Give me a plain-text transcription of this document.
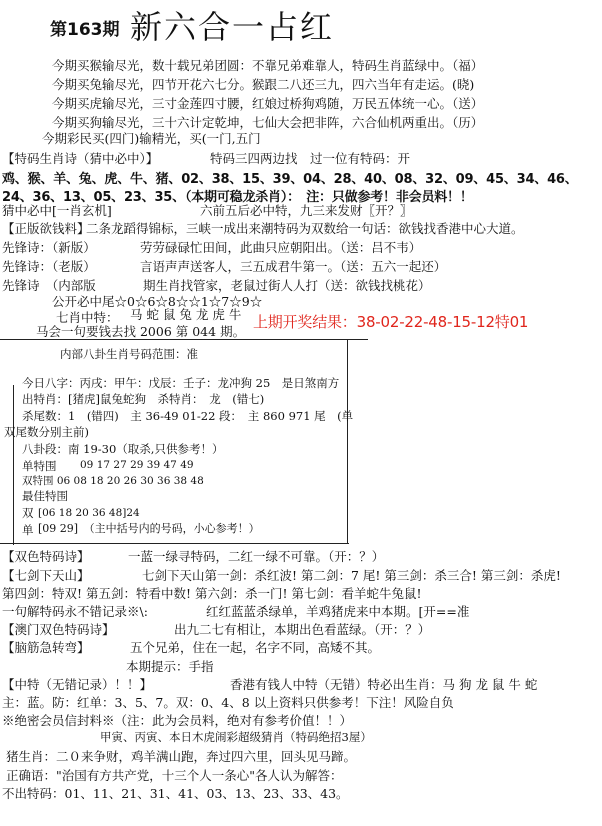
第163期 新六合一占红
今期买猴输尽光，数十载兄弟团圆：不靠兄弟难靠人，特码生肖蓝绿中。（福）
今期买兔输尽光，四节开花六七分。猴跟二八还三九，四六当年有走运。(晓)
今期买虎输尽光，三寸金莲四寸腰，红娘过桥狗鸡随，万民五体统一心。（送）
今期买狗输尽光，三十六计定乾坤，七仙大会把非阵，六合仙机两重出。（历）
今期彩民买(四门)输精光，买(一门,五门
【特码生肖诗（猜中必中）】	特码三四两边找　过一位有特码：开
鸡、猴、羊、兔、虎、牛、猪、02、38、15、39、04、28、40、08、32、09、45、34、46、
24、36、13、05、23、35、（本期可稳龙杀肖）：　注：只做参考！非会员料！！
猜中必中[一肖玄机]	六前五后必中特，九三来发财〖开？〗
【正版欲钱料】
二条龙蹈得锦标，三峡一成出来潮特码为双数给一句话：欲钱找香港中心大道。
先锋诗：（新版）	劳劳碌碌忙田间，此曲只应朝阳出。（送：吕不韦）
先锋诗：（老版）	言语声声送客人，三五成君牛第一。（送：五六一起还）
先锋诗　（内部版	期生肖找管家，老鼠过街人人打（送：欲钱找桃花）
公开必中尾☆0☆6☆8☆☆1☆7☆9☆
七肖中特： 马 蛇 鼠 兔 龙 虎 牛
马会一句要钱去找 2006 第 044 期。
上期开奖结果：38-02-22-48-15-12特01
内部八卦生肖号码范围：准
今日八字：丙戌：甲午：戊辰：壬子：龙冲狗 25　是日煞南方
出特肖：[猪虎]鼠兔蛇狗　杀特肖：　龙　(错七)
杀尾数：1　(错四)　主 36-49 01-22 段：　主 860 971 尾　(单
双尾数分别主前)
八卦段：南 19-30（取杀,只供参考！）
单特围 09 17 27 29 39 47 49
双特围 06 08 18 20 26 30 36 38 48
最佳特围
双 [06 18 20 36 48]24
单 [09 29]　（主中括号内的号码，小心参考！）
【双色特码诗】	一蓝一绿寻特码，二红一绿不可靠。（开：？）
【七剑下天山】	七剑下天山第一剑：杀红波! 第二剑：7 尾! 第三剑：杀三合! 第三剑：杀虎!
第四剑：特双! 第五剑：特看中数! 第六剑：杀一门! 第七剑：看羊蛇牛兔鼠!
一句解特码永不错记录※\:	红红蓝蓝杀绿单，羊鸡猪虎来中本期。[开==准
【澳门双色特码诗】	出九二七有相让，本期出色看蓝绿。（开：？）
【脑筋急转弯】	五个兄弟，住在一起，名字不同，高矮不其。
本期提示：手指
【中特（无错记录）！！】	香港有钱人中特（无错）特必出生肖：马 狗 龙 鼠 牛 蛇
主：蓝。防：红单：3、5、7。双：0、4、8 以上资料只供参考！下注！风险自负
※绝密会员信封料※（注：此为会员料，绝对有参考价值！！）
甲寅、丙寅、本日木虎闹彩超级猜肖（特码绝招3屋）
猪生肖：二０来争财，鸡羊满山跑，奔过四六里，回头见马蹄。
正确语："治国有方共产党，十三个人一条心"各人认为解答：
不出特码：01、11、21、31、41、03、13、23、33、43。
